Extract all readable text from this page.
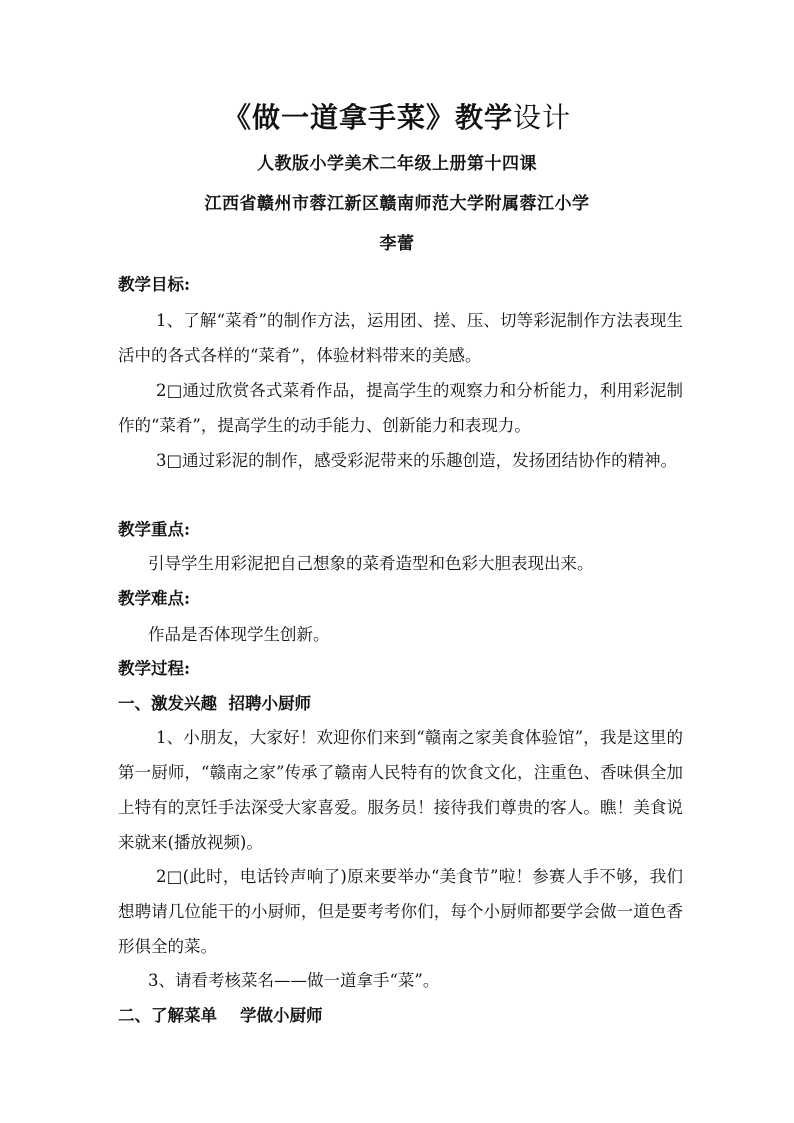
《做一道拿手菜》教学设计
人教版小学美术二年级上册第十四课
江西省赣州市蓉江新区赣南师范大学附属蓉江小学
李蕾
教学目标:
1、了解“菜肴”的制作方法，运用团、搓、压、切等彩泥制作方法表现生活中的各式各样的“菜肴”，体验材料带来的美感。
2□通过欣赏各式菜肴作品，提高学生的观察力和分析能力，利用彩泥制作的“菜肴”，提高学生的动手能力、创新能力和表现力。
3□通过彩泥的制作，感受彩泥带来的乐趣创造，发扬团结协作的精神。
教学重点:
引导学生用彩泥把自己想象的菜肴造型和色彩大胆表现出来。
教学难点:
作品是否体现学生创新。
教学过程:
一、激发兴趣  招聘小厨师
1、小朋友，大家好！欢迎你们来到“赣南之家美食体验馆”，我是这里的第一厨师，“赣南之家”传承了赣南人民特有的饮食文化，注重色、香味俱全加上特有的烹饪手法深受大家喜爱。服务员！接待我们尊贵的客人。瞧！美食说来就来(播放视频)。
2□(此时，电话铃声响了)原来要举办“美食节”啦！参赛人手不够，我们想聘请几位能干的小厨师，但是要考考你们，每个小厨师都要学会做一道色香形俱全的菜。
3、请看考核菜名——做一道拿手“菜”。
二、了解菜单    学做小厨师
